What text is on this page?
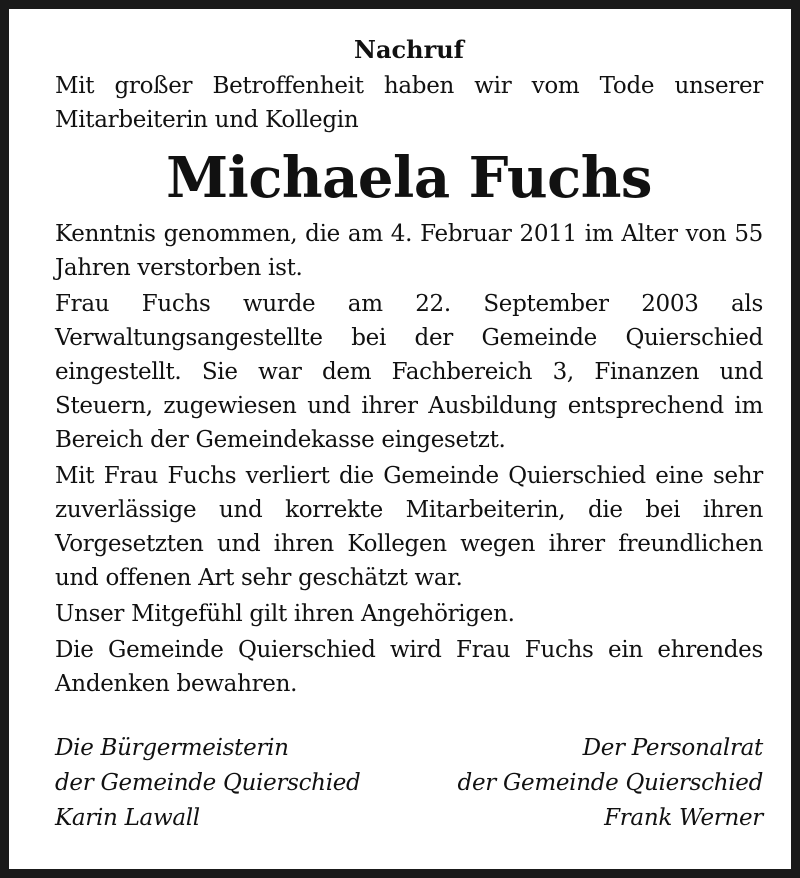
Nachruf

Mit großer Betroffenheit haben wir vom Tode unserer Mitarbeiterin und Kollegin

Michaela Fuchs

Kenntnis genommen, die am 4. Februar 2011 im Alter von 55 Jahren verstorben ist.

Frau Fuchs wurde am 22. September 2003 als Verwaltungsangestellte bei der Gemeinde Quierschied eingestellt. Sie war dem Fachbereich 3, Finanzen und Steuern, zugewiesen und ihrer Ausbildung entsprechend im Bereich der Gemeindekasse eingesetzt.

Mit Frau Fuchs verliert die Gemeinde Quierschied eine sehr zuverlässige und korrekte Mitarbeiterin, die bei ihren Vorgesetzten und ihren Kollegen wegen ihrer freundlichen und offenen Art sehr geschätzt war.

Unser Mitgefühl gilt ihren Angehörigen.

Die Gemeinde Quierschied wird Frau Fuchs ein ehrendes Andenken bewahren.

Die Bürgermeisterin
der Gemeinde Quierschied
Karin Lawall
Der Personalrat
der Gemeinde Quierschied
Frank Werner
